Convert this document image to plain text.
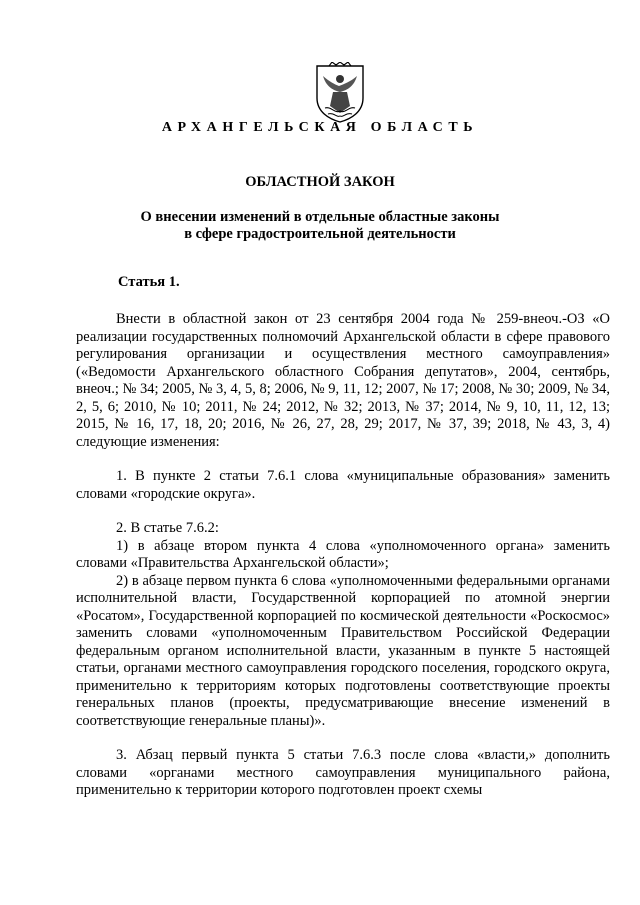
АРХАНГЕЛЬСКАЯ ОБЛАСТЬ
ОБЛАСТНОЙ ЗАКОН
О внесении изменений в отдельные областные законы
в сфере градостроительной деятельности
Статья 1.

Внести в областной закон от 23 сентября 2004 года № 259-внеоч.-ОЗ «О реализации государственных полномочий Архангельской области в сфере правового регулирования организации и осуществления местного самоуправления» («Ведомости Архангельского областного Собрания депутатов», 2004, сентябрь, внеоч.; № 34; 2005, № 3, 4, 5, 8; 2006, № 9, 11, 12; 2007, № 17; 2008, № 30; 2009, № 34, 2, 5, 6; 2010, № 10; 2011, № 24; 2012, № 32; 2013, № 37; 2014, № 9, 10, 11, 12, 13; 2015, № 16, 17, 18, 20; 2016, № 26, 27, 28, 29; 2017, № 37, 39; 2018, № 43, 3, 4) следующие изменения:

1. В пункте 2 статьи 7.6.1 слова «муниципальные образования» заменить словами «городские округа».

2. В статье 7.6.2:

1) в абзаце втором пункта 4 слова «уполномоченного органа» заменить словами «Правительства Архангельской области»;

2) в абзаце первом пункта 6 слова «уполномоченными федеральными органами исполнительной власти, Государственной корпорацией по атомной энергии «Росатом», Государственной корпорацией по космической деятельности «Роскосмос» заменить словами «уполномоченным Правительством Российской Федерации федеральным органом исполнительной власти, указанным в пункте 5 настоящей статьи, органами местного самоуправления городского поселения, городского округа, применительно к территориям которых подготовлены соответствующие проекты генеральных планов (проекты, предусматривающие внесение изменений в соответствующие генеральные планы)».

3. Абзац первый пункта 5 статьи 7.6.3 после слова «власти,» дополнить словами «органами местного самоуправления муниципального района, применительно к территории которого подготовлен проект схемы
